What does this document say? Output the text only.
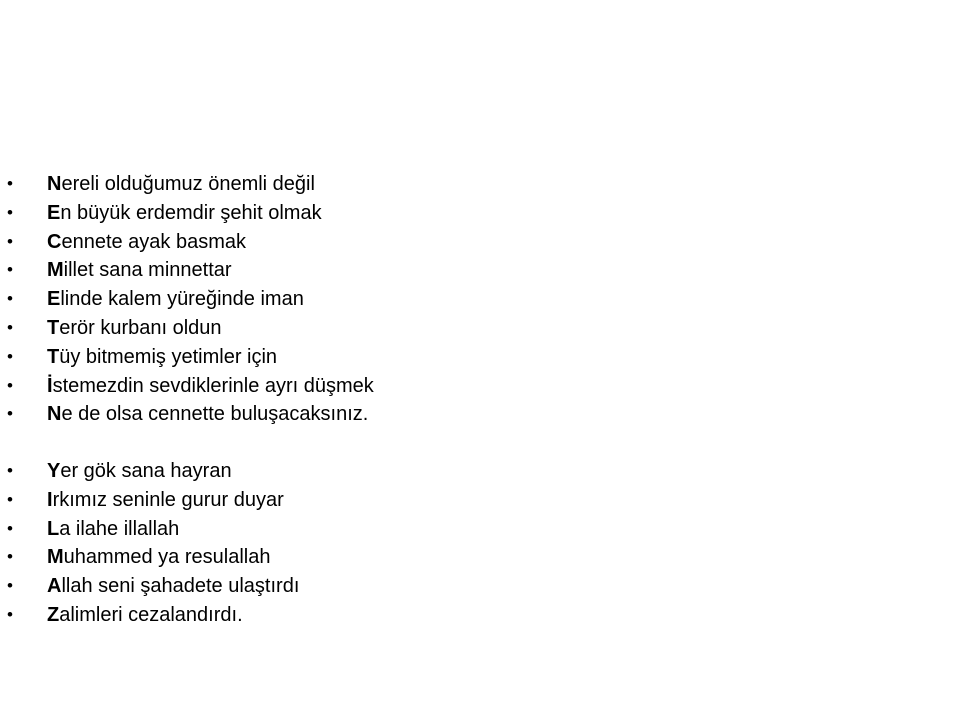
• Nereli olduğumuz önemli değil
• En büyük erdemdir şehit olmak
• Cennete ayak basmak
• Millet sana minnettar
• Elinde kalem yüreğinde iman
• Terör kurbanı oldun
• Tüy bitmemiş yetimler için
• İstemezdin sevdiklerinle ayrı düşmek
• Ne de olsa cennette buluşacaksınız.
• Yer gök sana hayran
• Irkımız seninle gurur duyar
• La ilahe illallah
• Muhammed ya resulallah
• Allah seni şahadete ulaştırdı
• Zalimleri cezalandırdı.
